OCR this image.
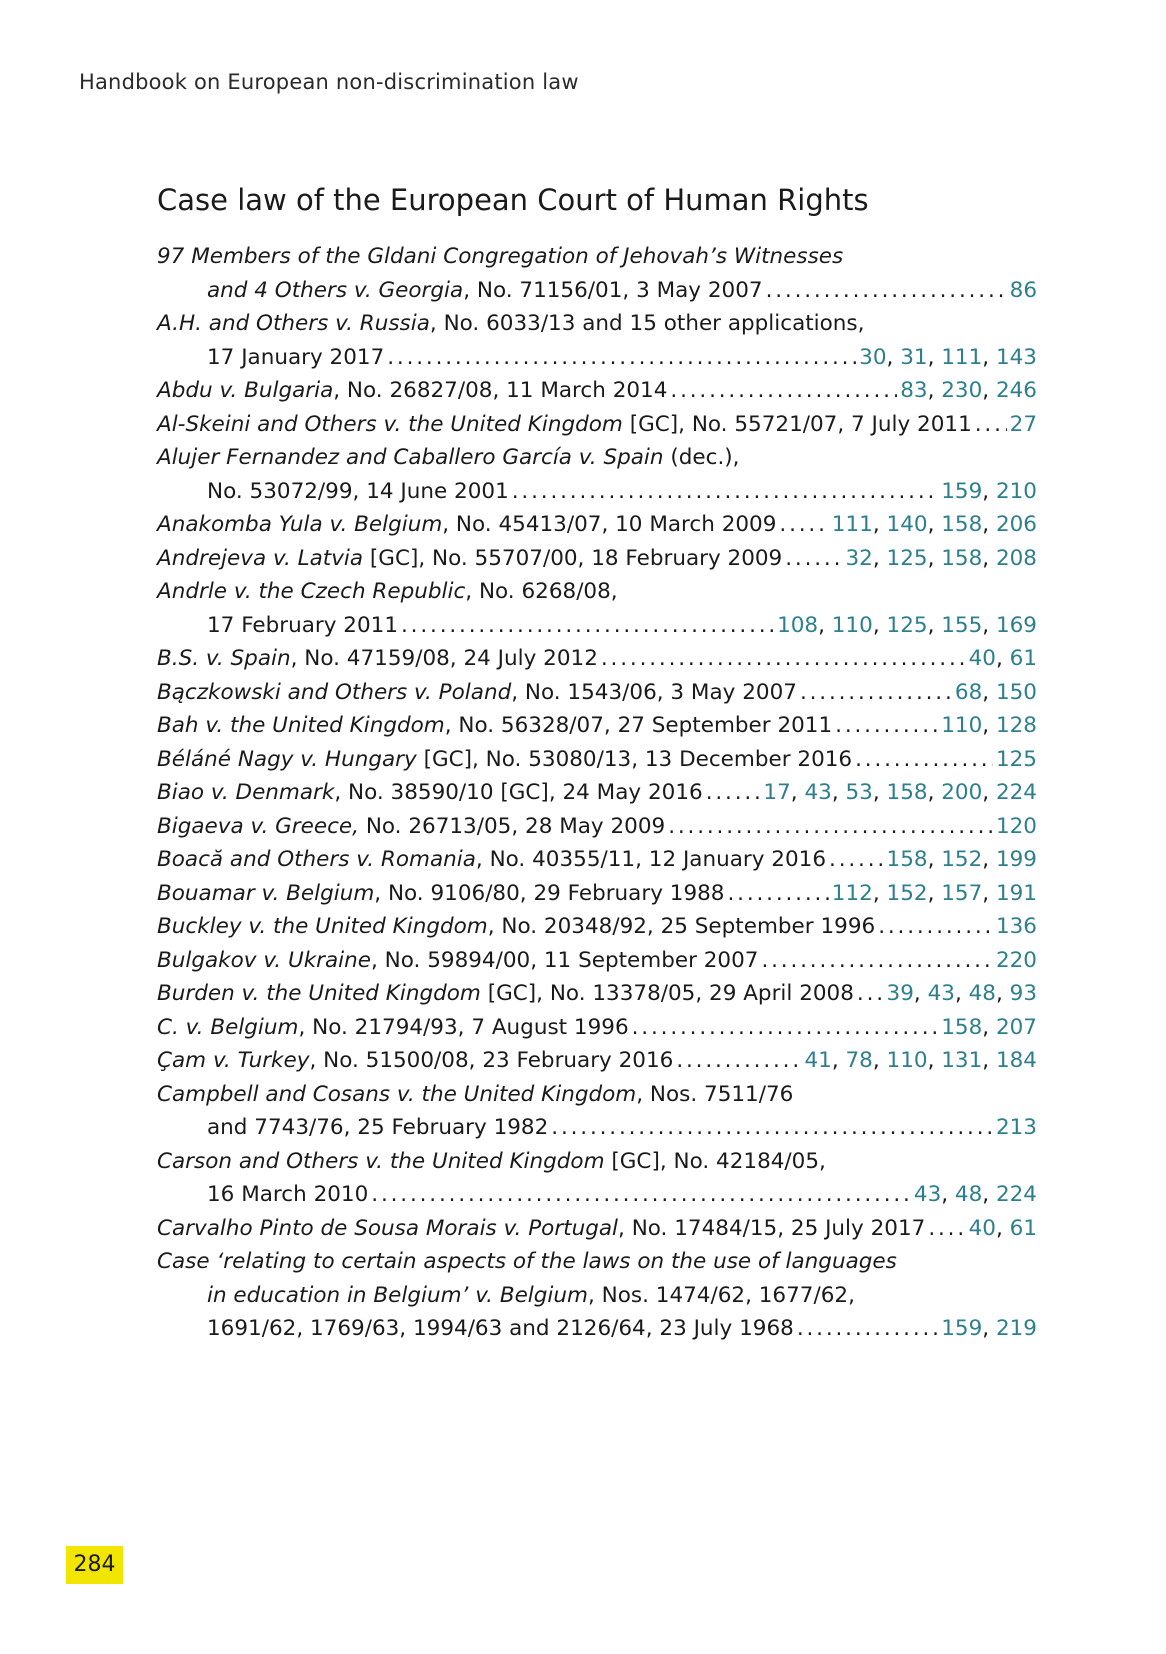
Handbook on European non-discrimination law
Case law of the European Court of Human Rights
97 Members of the Gldani Congregation of Jehovah’s Witnesses
and 4 Others v. Georgia, No. 71156/01, 3 May 2007 . . .	86
A.H. and Others v. Russia, No. 6033/13 and 15 other applications,
17 January 2017 . . .	30, 31, 111, 143
Abdu v. Bulgaria, No. 26827/08, 11 March 2014 . . .	83, 230, 246
Al-Skeini and Others v. the United Kingdom [GC], No. 55721/07, 7 July 2011 . . . 27
Alujer Fernandez and Caballero García v. Spain (dec.),
No. 53072/99, 14 June 2001 . . .	159, 210
Anakomba Yula v. Belgium, No. 45413/07, 10 March 2009 . . .	111, 140, 158, 206
Andrejeva v. Latvia [GC], No. 55707/00, 18 February 2009 . . .	32, 125, 158, 208
Andrle v. the Czech Republic, No. 6268/08,
17 February 2011 . . .	108, 110, 125, 155, 169
B.S. v. Spain, No. 47159/08, 24 July 2012 . . .	40, 61
Bączkowski and Others v. Poland, No. 1543/06, 3 May 2007 . . .	68, 150
Bah v. the United Kingdom, No. 56328/07, 27 September 2011 . . .	110, 128
Béláné Nagy v. Hungary [GC], No. 53080/13, 13 December 2016 . . .	125
Biao v. Denmark, No. 38590/10 [GC], 24 May 2016 . . .	17, 43, 53, 158, 200, 224
Bigaeva v. Greece, No. 26713/05, 28 May 2009 . . .	120
Boacă and Others v. Romania, No. 40355/11, 12 January 2016 . . .	158, 152, 199
Bouamar v. Belgium, No. 9106/80, 29 February 1988 . . .	112, 152, 157, 191
Buckley v. the United Kingdom, No. 20348/92, 25 September 1996 . . .	136
Bulgakov v. Ukraine, No. 59894/00, 11 September 2007 . . .	220
Burden v. the United Kingdom [GC], No. 13378/05, 29 April 2008 . . . 39, 43, 48, 93
C. v. Belgium, No. 21794/93, 7 August 1996 . . .	158, 207
Çam v. Turkey, No. 51500/08, 23 February 2016 . . .	41, 78, 110, 131, 184
Campbell and Cosans v. the United Kingdom, Nos. 7511/76
and 7743/76, 25 February 1982 . . .	213
Carson and Others v. the United Kingdom [GC], No. 42184/05,
16 March 2010 . . .	43, 48, 224
Carvalho Pinto de Sousa Morais v. Portugal, No. 17484/15, 25 July 2017 . . . 40, 61
Case ‘relating to certain aspects of the laws on the use of languages
in education in Belgium’ v. Belgium, Nos. 1474/62, 1677/62,
1691/62, 1769/63, 1994/63 and 2126/64, 23 July 1968 . . .	159, 219
284
